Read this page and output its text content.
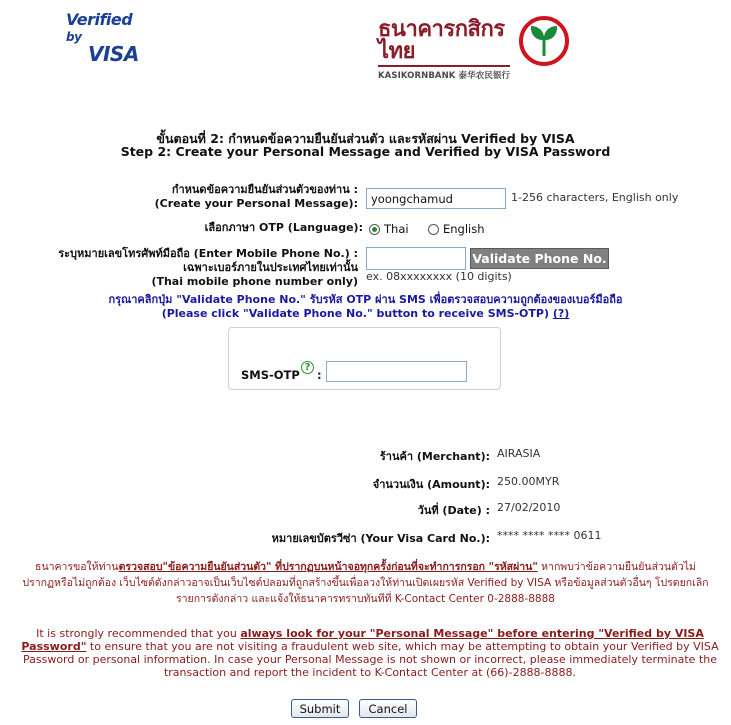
Verified by
VISA
ธนาคารกสิกรไทย
KASIKORNBANK 泰华农民银行
ขั้นตอนที่ 2: กำหนดข้อความยืนยันส่วนตัว และรหัสผ่าน Verified by VISA
Step 2: Create your Personal Message and Verified by VISA Password
กำหนดข้อความยืนยันส่วนตัวของท่าน :
(Create your Personal Message):
yoongchamud	1-256 characters, English only
เลือกภาษา OTP (Language): Thai	English
ระบุหมายเลขโทรศัพท์มือถือ (Enter Mobile Phone No.) :
เฉพาะเบอร์ภายในประเทศไทยเท่านั้น
(Thai mobile phone number only)
Validate Phone No.
ex. 08xxxxxxxx (10 digits)
กรุณาคลิกปุ่ม "Validate Phone No." รับรหัส OTP ผ่าน SMS เพื่อตรวจสอบความถูกต้องของเบอร์มือถือ
(Please click "Validate Phone No." button to receive SMS-OTP) (?)
SMS-OTP
?
:
ร้านค้า (Merchant): AIRASIA
จำนวนเงิน (Amount): 250.00MYR
วันที่ (Date) : 27/02/2010
หมายเลขบัตรวีซ่า (Your Visa Card No.): **** **** **** 0611
ธนาคารขอให้ท่านตรวจสอบ"ข้อความยืนยันส่วนตัว" ที่ปรากฏบนหน้าจอทุกครั้งก่อนที่จะทำการกรอก "รหัสผ่าน" หากพบว่าข้อความยืนยันส่วนตัวไม่
ปรากฏหรือไม่ถูกต้อง เว็บไซต์ดังกล่าวอาจเป็นเว็บไซต์ปลอมที่ถูกสร้างขึ้นเพื่อลวงให้ท่านเปิดเผยรหัส Verified by VISA หรือข้อมูลส่วนตัวอื่นๆ โปรดยกเลิก
รายการดังกล่าว และแจ้งให้ธนาคารทราบทันทีที่ K-Contact Center 0-2888-8888
It is strongly recommended that you always look for your "Personal Message" before entering "Verified by VISA Password" to ensure that you are not visiting a fraudulent web site, which may be attempting to obtain your Verified by VISA Password or personal information. In case your Personal Message is not shown or incorrect, please immediately terminate the transaction and report the incident to K-Contact Center at (66)-2888-8888.
Submit	Cancel
